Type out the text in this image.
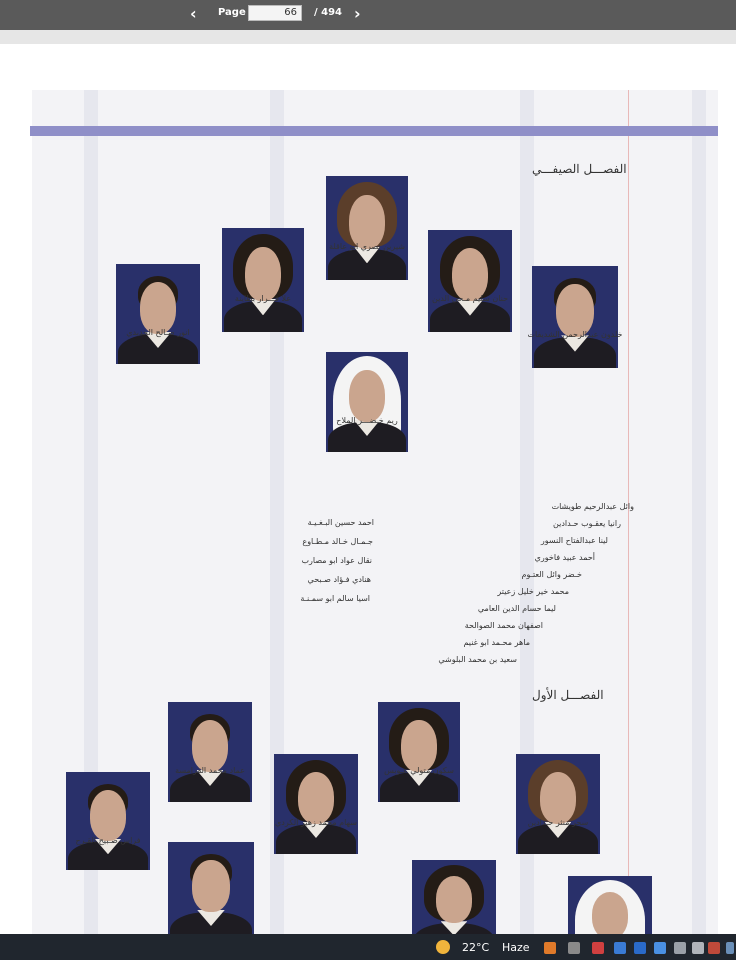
‹ Page	66	/ 494 ›
الفصـــل الصيفـــي
الفصـــل الأول
شيرين نصري ابو عاقلة
علا فـــرار بطاينة	حنان سليم مـحي الدين
انور صـالح الحديدي	خلدون عبدالرحمن الشديفات
ريم خـضـــر الملاح
عماد محمد القرامسة	سكون متولي عـوبس
فراس صـبيح القـرح
سهام محمد زهير الكردي	سحر منثر حـدادين
وائل عبدالرحيم طويشات
رانيا يعقـوب حـدادين
لينا عبدالفتاح النسور
أحمد عبيد فاخوري
خـضر وائل العتـوم
محمد خير خليل زعيتر
ليما حسام الدين العامي
اصفهان محمد الصوالحة
ماهر محـمد ابو غنيم
سعيد بن محمد البلوشي
احمد حسين البـغـيـة
جـمـال خـالد مـطـاوع
نقال عواد ابو مصارب
هنادي فـؤاد صـبحي
اسيا سالم ابو سمـنـة
22°C Haze
